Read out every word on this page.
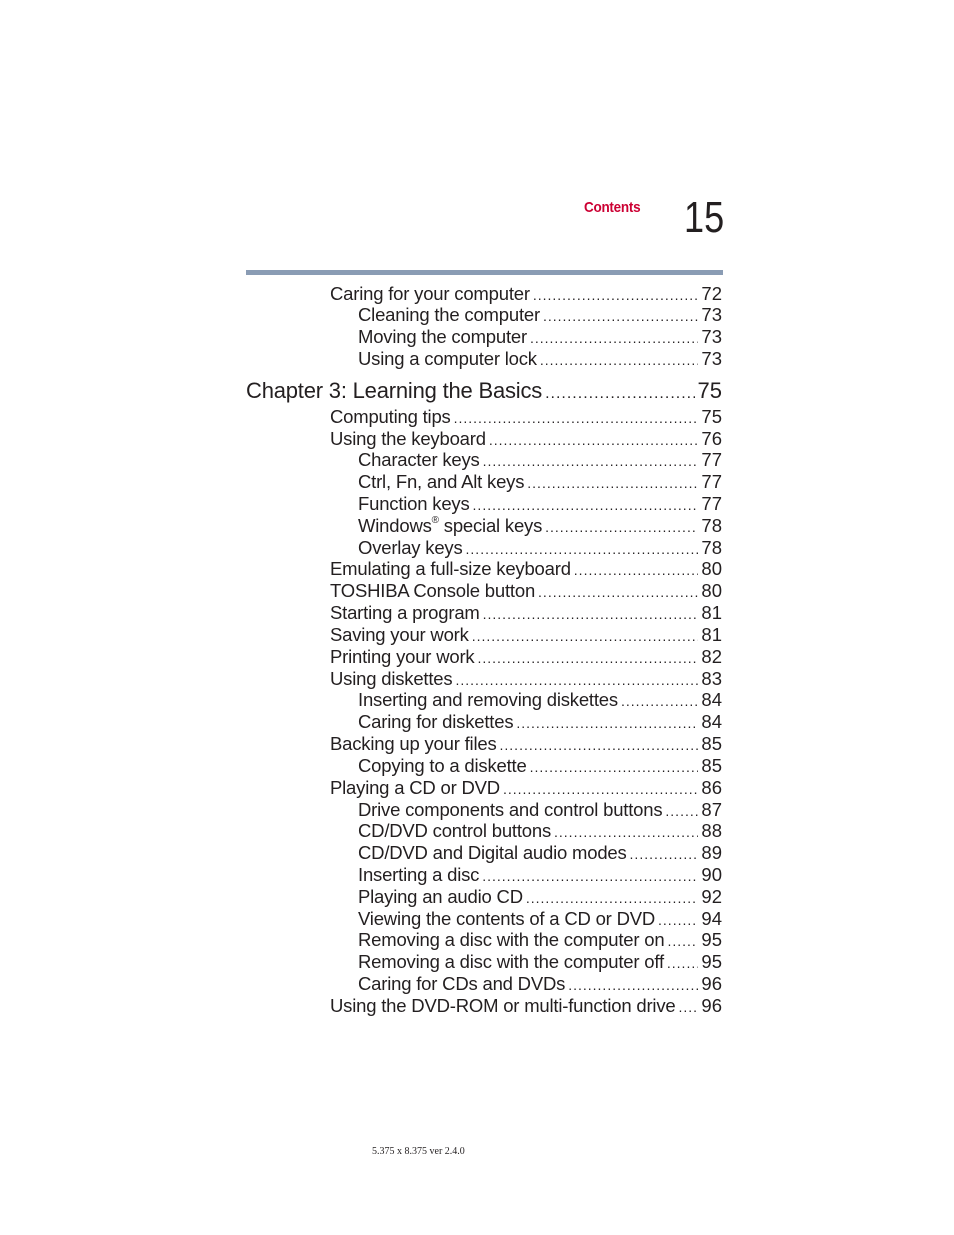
Contents 15
Caring for your computer .....	72
Cleaning the computer .....	73
Moving the computer .....	73
Using a computer lock .....	73
Chapter 3: Learning the Basics .....	75
Computing tips .....	75
Using the keyboard .....	76
Character keys .....	77
Ctrl, Fn, and Alt keys .....	77
Function keys .....	77
Windows® special keys .....	78
Overlay keys .....	78
Emulating a full-size keyboard .....	80
TOSHIBA Console button .....	80
Starting a program .....	81
Saving your work .....	81
Printing your work .....	82
Using diskettes .....	83
Inserting and removing diskettes .....	84
Caring for diskettes .....	84
Backing up your files .....	85
Copying to a diskette .....	85
Playing a CD or DVD .....	86
Drive components and control buttons ..... 87
CD/DVD control buttons .....	88
CD/DVD and Digital audio modes .....	89
Inserting a disc .....	90
Playing an audio CD .....	92
Viewing the contents of a CD or DVD .....	94
Removing a disc with the computer on ..... 95
Removing a disc with the computer off ..... 95
Caring for CDs and DVDs .....	96
Using the DVD-ROM or multi-function drive ..... 96
5.375 x 8.375 ver 2.4.0
